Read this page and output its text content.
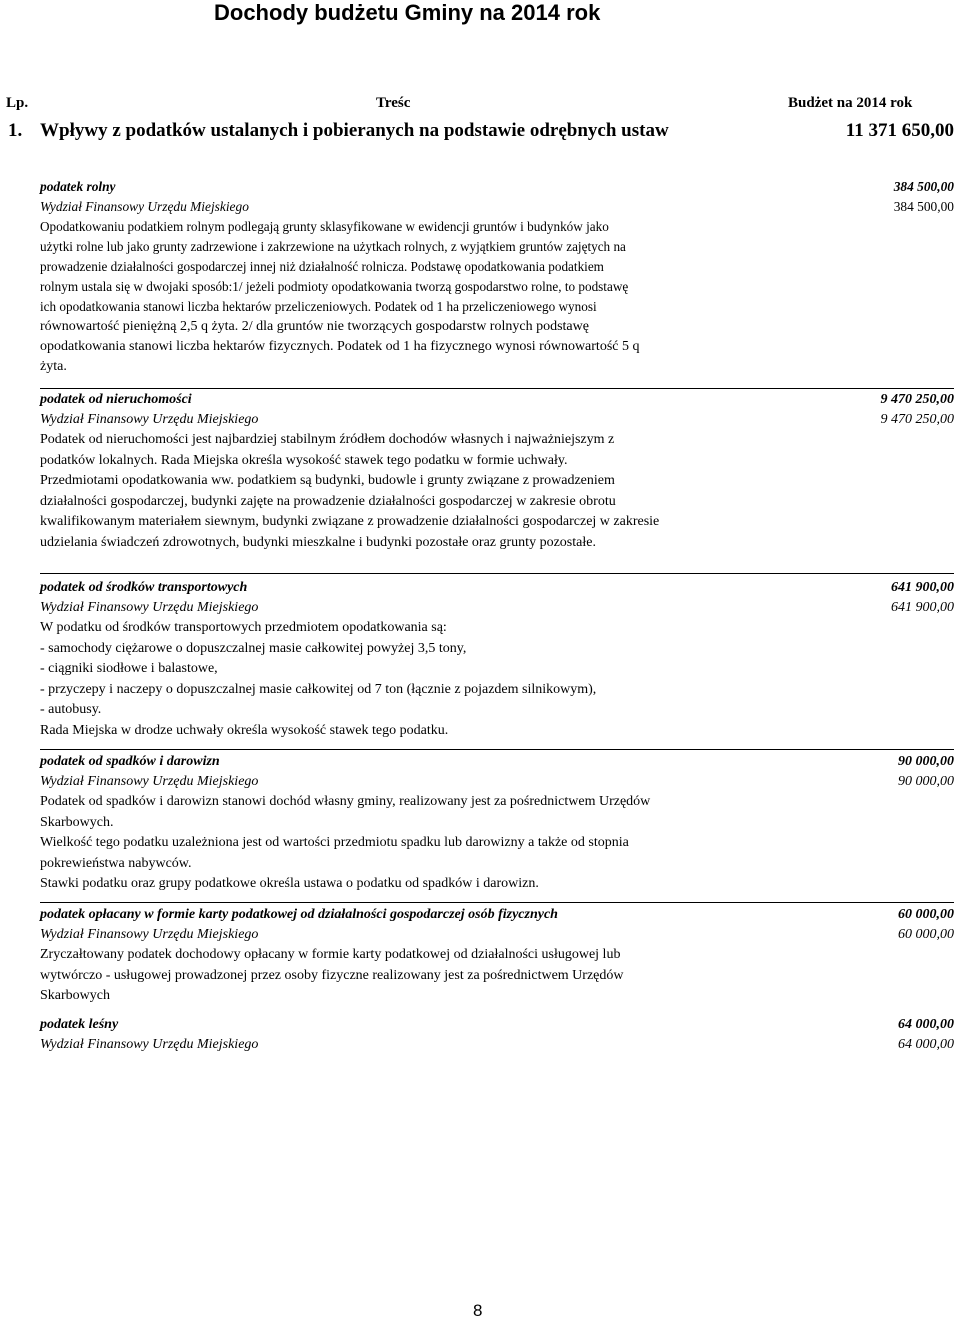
Dochody budżetu Gminy na 2014 rok
Lp.	Treśc	Budżet na 2014 rok
1. Wpływy z podatków ustalanych i pobieranych na podstawie odrębnych ustaw	11 371 650,00
podatek rolny	384 500,00
Wydział Finansowy Urzędu Miejskiego	384 500,00
Opodatkowaniu podatkiem rolnym podlegają grunty sklasyfikowane w ewidencji gruntów i budynków jako
użytki rolne lub jako grunty zadrzewione i zakrzewione na użytkach rolnych, z wyjątkiem gruntów zajętych na
prowadzenie działalności gospodarczej innej niż działalność rolnicza. Podstawę opodatkowania podatkiem
rolnym ustala się w dwojaki sposób:1/ jeżeli podmioty opodatkowania tworzą gospodarstwo rolne, to podstawę
ich opodatkowania stanowi liczba hektarów przeliczeniowych. Podatek od 1 ha przeliczeniowego wynosi
równowartość pieniężną 2,5 q żyta. 2/ dla gruntów nie tworzących gospodarstw rolnych podstawę
opodatkowania stanowi liczba hektarów fizycznych. Podatek od 1 ha fizycznego wynosi równowartość 5 q
żyta.
podatek od nieruchomości	9 470 250,00
Wydział Finansowy Urzędu Miejskiego	9 470 250,00
Podatek od nieruchomości jest najbardziej stabilnym źródłem dochodów własnych i najważniejszym z
podatków lokalnych. Rada Miejska określa wysokość stawek tego podatku w formie uchwały.
Przedmiotami opodatkowania ww. podatkiem są budynki, budowle i grunty związane z prowadzeniem
działalności gospodarczej, budynki zajęte na prowadzenie działalności gospodarczej w zakresie obrotu
kwalifikowanym materiałem siewnym, budynki związane z prowadzenie działalności gospodarczej w zakresie
udzielania świadczeń zdrowotnych, budynki mieszkalne i budynki pozostałe oraz grunty pozostałe.
podatek od środków transportowych	641 900,00
Wydział Finansowy Urzędu Miejskiego	641 900,00
W podatku od środków transportowych przedmiotem opodatkowania są:
- samochody ciężarowe o dopuszczalnej masie całkowitej powyżej 3,5 tony,
- ciągniki siodłowe i balastowe,
- przyczepy i naczepy o dopuszczalnej masie całkowitej od 7 ton (łącznie z pojazdem silnikowym),
- autobusy.
Rada Miejska w drodze uchwały określa wysokość stawek tego podatku.
podatek od spadków i darowizn	90 000,00
Wydział Finansowy Urzędu Miejskiego	90 000,00
Podatek od spadków i darowizn stanowi dochód własny gminy, realizowany jest za pośrednictwem Urzędów
Skarbowych.
Wielkość tego podatku uzależniona jest od wartości przedmiotu spadku lub darowizny a także od stopnia
pokrewieństwa nabywców.
Stawki podatku oraz grupy podatkowe określa ustawa o podatku od spadków i darowizn.
podatek opłacany w formie karty podatkowej od działalności gospodarczej osób fizycznych	60 000,00
Wydział Finansowy Urzędu Miejskiego	60 000,00
Zryczałtowany podatek dochodowy opłacany w formie karty podatkowej od działalności usługowej lub
wytwórczo - usługowej prowadzonej przez osoby fizyczne realizowany jest za pośrednictwem Urzędów
Skarbowych
podatek leśny	64 000,00
Wydział Finansowy Urzędu Miejskiego	64 000,00
8
